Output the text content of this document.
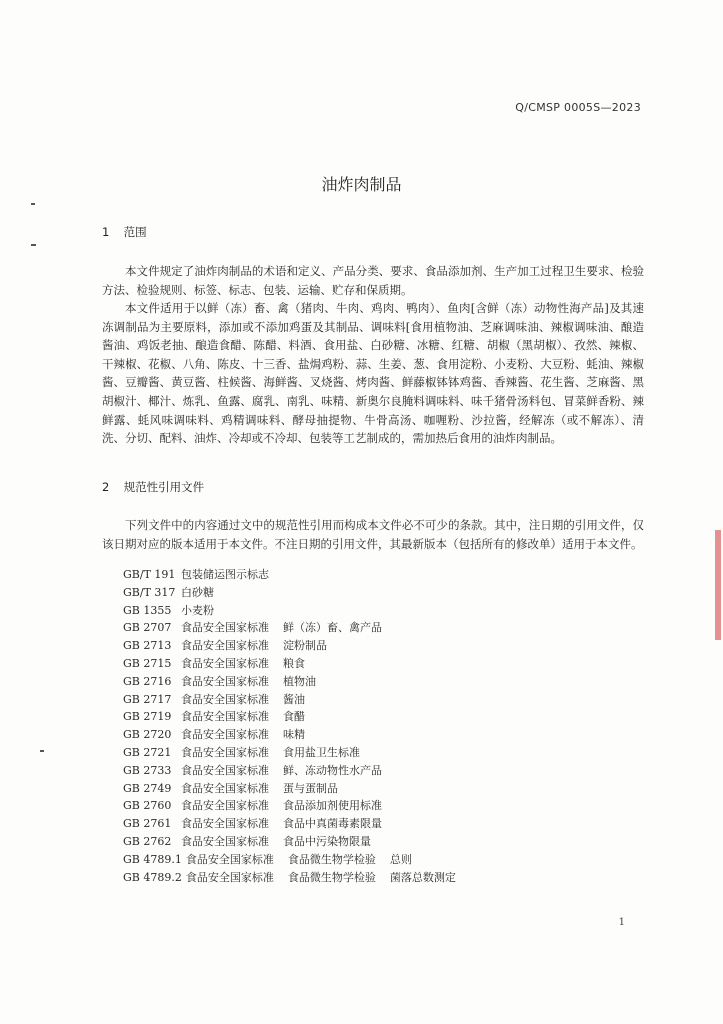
Q/CMSP 0005S—2023
油炸肉制品
1 范围

本文件规定了油炸肉制品的术语和定义、产品分类、要求、食品添加剂、生产加工过程卫生要求、检验方法、检验规则、标签、标志、包装、运输、贮存和保质期。

本文件适用于以鲜（冻）畜、禽（猪肉、牛肉、鸡肉、鸭肉）、鱼肉[含鲜（冻）动物性海产品]及其速冻调制品为主要原料，添加或不添加鸡蛋及其制品、调味料[食用植物油、芝麻调味油、辣椒调味油、酿造酱油、鸡饭老抽、酿造食醋、陈醋、料酒、食用盐、白砂糖、冰糖、红糖、胡椒（黑胡椒）、孜然、辣椒、干辣椒、花椒、八角、陈皮、十三香、盐焗鸡粉、蒜、生姜、葱、食用淀粉、小麦粉、大豆粉、蚝油、辣椒酱、豆瓣酱、黄豆酱、柱候酱、海鲜酱、叉烧酱、烤肉酱、鲜藤椒钵钵鸡酱、香辣酱、花生酱、芝麻酱、黑胡椒汁、椰汁、炼乳、鱼露、腐乳、南乳、味精、新奥尔良腌料调味料、味千猪骨汤料包、冒菜鲜香粉、辣鲜露、蚝风味调味料、鸡精调味料、酵母抽提物、牛骨高汤、咖喱粉、沙拉酱，经解冻（或不解冻）、清洗、分切、配料、油炸、冷却或不冷却、包装等工艺制成的，需加热后食用的油炸肉制品。

2 规范性引用文件

下列文件中的内容通过文中的规范性引用而构成本文件必不可少的条款。其中，注日期的引用文件，仅该日期对应的版本适用于本文件。不注日期的引用文件，其最新版本（包括所有的修改单）适用于本文件。

GB/T 191 包装储运图示标志
GB/T 317 白砂糖
GB 1355 小麦粉
GB 2707 食品安全国家标准 鲜（冻）畜、禽产品
GB 2713 食品安全国家标准 淀粉制品
GB 2715 食品安全国家标准 粮食
GB 2716 食品安全国家标准 植物油
GB 2717 食品安全国家标准 酱油
GB 2719 食品安全国家标准 食醋
GB 2720 食品安全国家标准 味精
GB 2721 食品安全国家标准 食用盐卫生标准
GB 2733 食品安全国家标准 鲜、冻动物性水产品
GB 2749 食品安全国家标准 蛋与蛋制品
GB 2760 食品安全国家标准 食品添加剂使用标准
GB 2761 食品安全国家标准 食品中真菌毒素限量
GB 2762 食品安全国家标准 食品中污染物限量
GB 4789.1 食品安全国家标准 食品微生物学检验 总则
GB 4789.2 食品安全国家标准 食品微生物学检验 菌落总数测定
1
